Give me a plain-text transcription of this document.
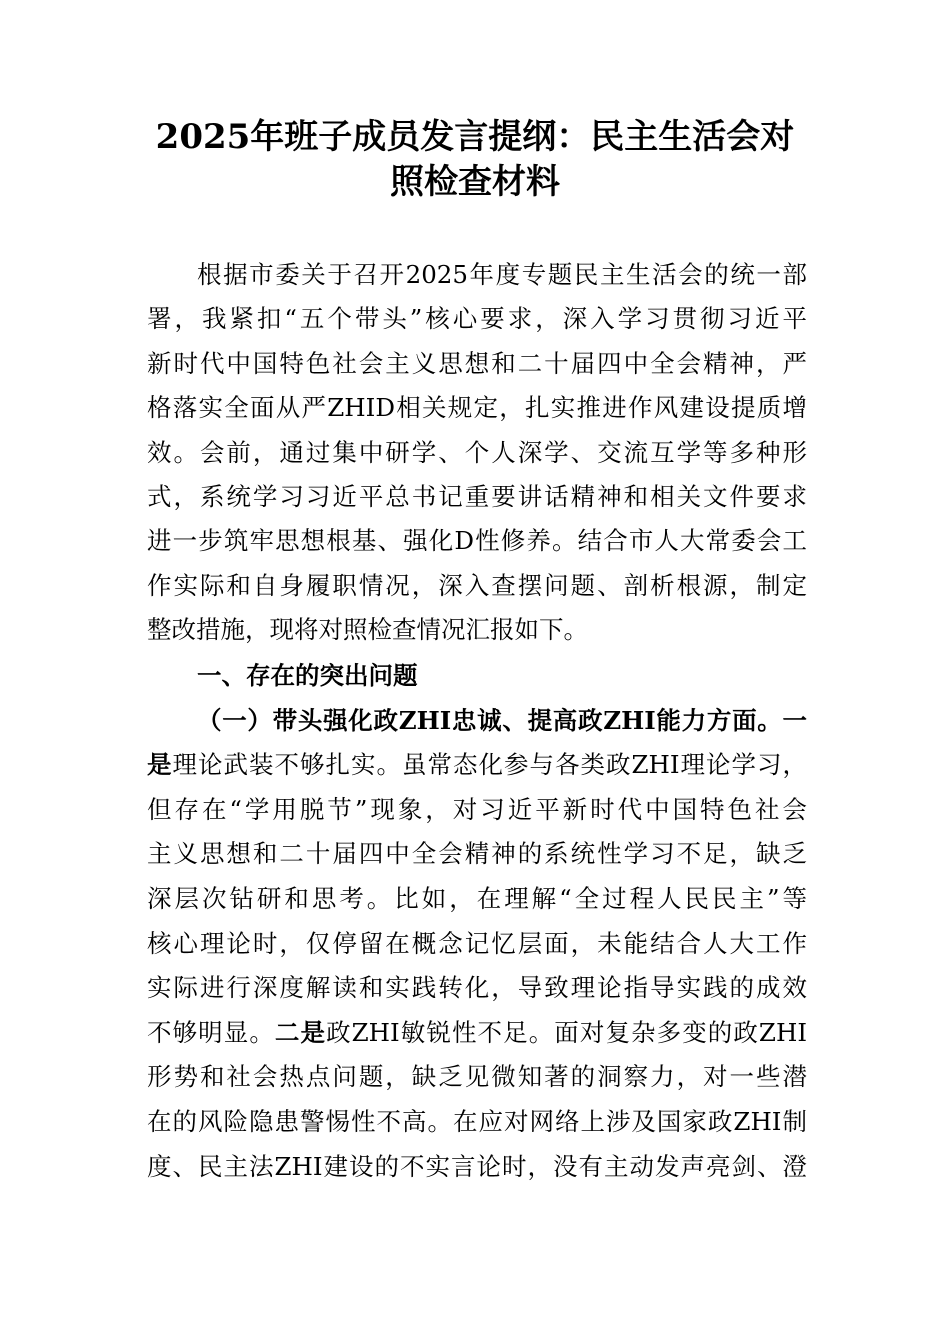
2025年班子成员发言提纲：民主生活会对
照检查材料
根据市委关于召开2025年度专题民主生活会的统一部
署，我紧扣“五个带头”核心要求，深入学习贯彻习近平
新时代中国特色社会主义思想和二十届四中全会精神，严
格落实全面从严ZHID相关规定，扎实推进作风建设提质增
效。会前，通过集中研学、个人深学、交流互学等多种形
式，系统学习习近平总书记重要讲话精神和相关文件要求
进一步筑牢思想根基、强化D性修养。结合市人大常委会工
作实际和自身履职情况，深入查摆问题、剖析根源，制定
整改措施，现将对照检查情况汇报如下。
一、存在的突出问题
（一）带头强化政ZHI忠诚、提高政ZHI能力方面。一
是理论武装不够扎实。虽常态化参与各类政ZHI理论学习，
但存在“学用脱节”现象，对习近平新时代中国特色社会
主义思想和二十届四中全会精神的系统性学习不足，缺乏
深层次钻研和思考。比如，在理解“全过程人民民主”等
核心理论时，仅停留在概念记忆层面，未能结合人大工作
实际进行深度解读和实践转化，导致理论指导实践的成效
不够明显。二是政ZHI敏锐性不足。面对复杂多变的政ZHI
形势和社会热点问题，缺乏见微知著的洞察力，对一些潜
在的风险隐患警惕性不高。在应对网络上涉及国家政ZHI制
度、民主法ZHI建设的不实言论时，没有主动发声亮剑、澄
